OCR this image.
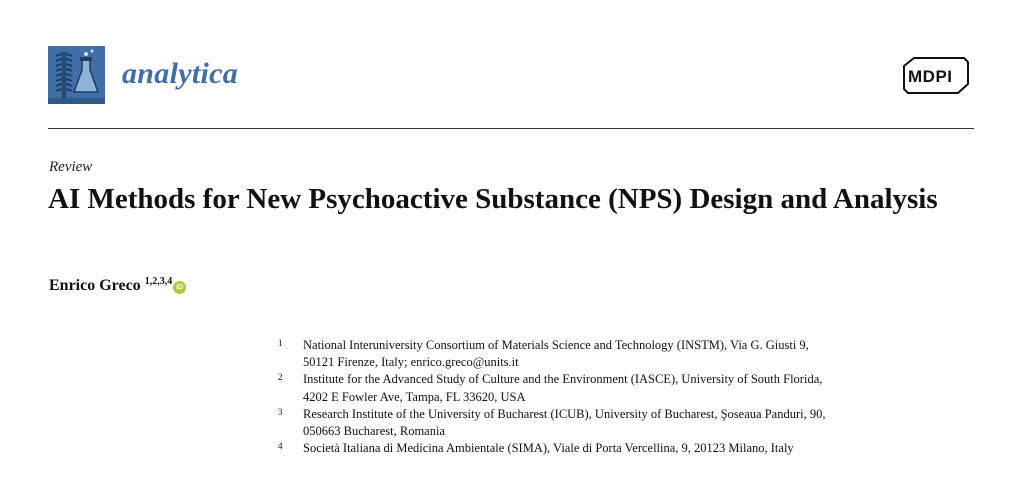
analytica	MDPI
Review
AI Methods for New Psychoactive Substance (NPS) Design and Analysis
Enrico Greco $^{1,2,3,4}$iD
1 National Interuniversity Consortium of Materials Science and Technology (INSTM), Via G. Giusti 9,
50121 Firenze, Italy; enrico.greco@units.it
2 Institute for the Advanced Study of Culture and the Environment (IASCE), University of South Florida,
4202 E Fowler Ave, Tampa, FL 33620, USA
3 Research Institute of the University of Bucharest (ICUB), University of Bucharest, Şoseaua Panduri, 90,
050663 Bucharest, Romania
4 Società Italiana di Medicina Ambientale (SIMA), Viale di Porta Vercellina, 9, 20123 Milano, Italy
